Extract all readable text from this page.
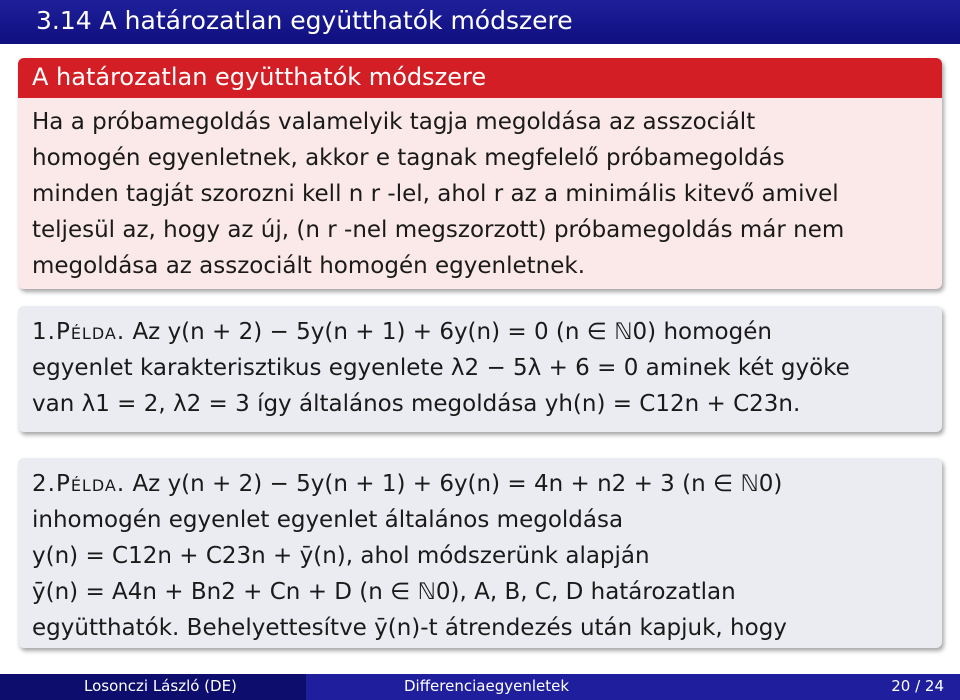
3.14 A határozatlan együtthatók módszere
A határozatlan együtthatók módszere
Ha a próbamegoldás valamelyik tagja megoldása az asszociált
homogén egyenletnek, akkor e tagnak megfelelő próbamegoldás
minden tagját szorozni kell n r -lel, ahol r az a minimális kitevő amivel
teljesül az, hogy az új, (n r -nel megszorzott) próbamegoldás már nem
megoldása az asszociált homogén egyenletnek.
1.Példa. Az y(n + 2) − 5y(n + 1) + 6y(n) = 0 (n ∈ ℕ0) homogén
egyenlet karakterisztikus egyenlete λ2 − 5λ + 6 = 0 aminek két gyöke
van λ1 = 2, λ2 = 3 így általános megoldása yh(n) = C12n + C23n.
2.Példa. Az y(n + 2) − 5y(n + 1) + 6y(n) = 4n + n2 + 3 (n ∈ ℕ0)
inhomogén egyenlet egyenlet általános megoldása
y(n) = C12n + C23n + ȳ(n), ahol módszerünk alapján
ȳ(n) = A4n + Bn2 + Cn + D (n ∈ ℕ0), A, B, C, D határozatlan
együtthatók. Behelyettesítve ȳ(n)-t átrendezés után kapjuk, hogy
Losonczi László (DE)	Differenciaegyenletek	20 / 24
